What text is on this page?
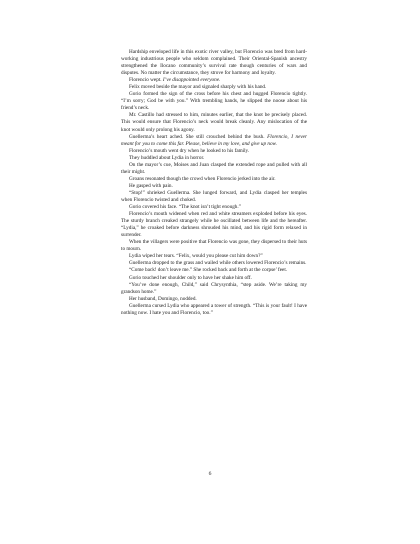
Hardship enveloped life in this exotic river valley, but Florencio was bred from hard-working industrious people who seldom complained. Their Oriental-Spanish ancestry strengthened the Ilocano community’s survival rate though centuries of wars and disputes. No matter the circumstance, they strove for harmony and loyalty.

Florencio wept. I’ve disappointed everyone.

Felix moved beside the mayor and signaled sharply with his hand.

Gorio formed the sign of the cross before his chest and hugged Florencio tightly. “I’m sorry; God be with you.” With trembling hands, he slipped the noose about his friend’s neck.

Mr. Castillo had stressed to him, minutes earlier, that the knot be precisely placed. This would ensure that Florencio’s neck would break cleanly. Any mislocation of the knot would only prolong his agony.

Guellerma’s heart ached. She still crouched behind the bush. Florencio, I never meant for you to come this far. Please, believe in my love, and give up now.

Florencio’s mouth went dry when he looked to his family.

They huddled about Lydia in horror.

On the mayor’s cue, Moises and Juan clasped the extended rope and pulled with all their might.

Groans resonated though the crowd when Florencio jerked into the air.

He gasped with pain.

“Stop!” shrieked Guellerma. She lunged forward, and Lydia clasped her temples when Florencio twisted and choked.

Gorio covered his face. “The knot isn’t tight enough.”

Florencio’s mouth widened when red and white streamers exploded before his eyes. The sturdy branch creaked strangely while he oscillated between life and the hereafter. “Lydia,” he croaked before darkness shrouded his mind, and his rigid form relaxed in surrender.

When the villagers were positive that Florencio was gone, they dispersed to their huts to mourn.

Lydia wiped her tears. “Felix, would you please cut him down?”

Guellerma dropped to the grass and wailed while others lowered Florencio’s remains.

“Come back! don’t leave me.” She rocked back and forth at the corpse’ feet.

Gorio touched her shoulder only to have her shake him off.

“You’ve done enough, Child,” said Chrysynthia, “step aside. We’re taking my grandson home.”

Her husband, Domingo, nodded.

Guellerma cursed Lydia who appeared a tower of strength. “This is your fault! I have nothing now. I hate you and Florencio, too.”

6
